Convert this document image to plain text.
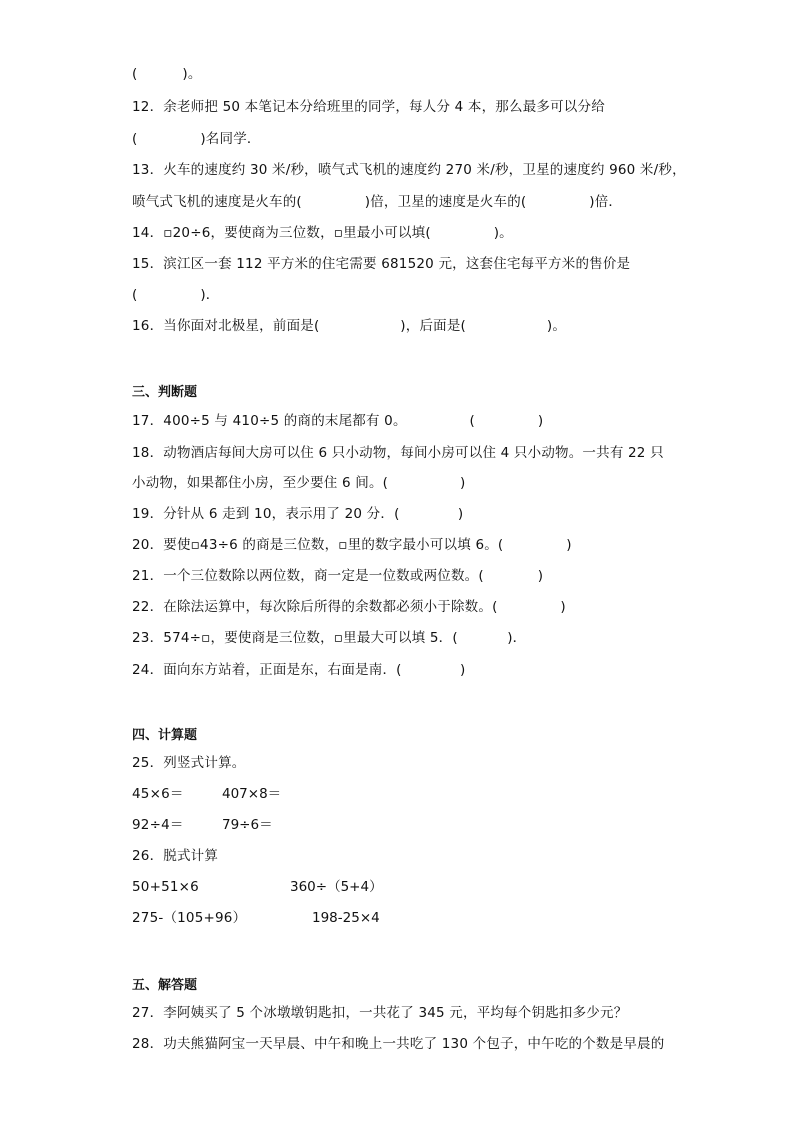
(          )。
12．余老师把 50 本笔记本分给班里的同学，每人分 4 本，那么最多可以分给
(              )名同学．
13．火车的速度约 30 米/秒，喷气式飞机的速度约 270 米/秒，卫星的速度约 960 米/秒，
喷气式飞机的速度是火车的(              )倍，卫星的速度是火车的(              )倍．
14．▫20÷6，要使商为三位数，▫里最小可以填(              )。
15．滨江区一套 112 平方米的住宅需要 681520 元，这套住宅每平方米的售价是
(              )．
16．当你面对北极星，前面是(                  )，后面是(                  )。
三、判断题
17．400÷5 与 410÷5 的商的末尾都有 0。              (              )
18．动物酒店每间大房可以住 6 只小动物，每间小房可以住 4 只小动物。一共有 22 只
小动物，如果都住小房，至少要住 6 间。(                )
19．分针从 6 走到 10，表示用了 20 分．(             )
20．要使▫43÷6 的商是三位数，▫里的数字最小可以填 6。(              )
21．一个三位数除以两位数，商一定是一位数或两位数。(            )
22．在除法运算中，每次除后所得的余数都必须小于除数。(              )
23．574÷▫，要使商是三位数，▫里最大可以填 5．(           )．
24．面向东方站着，正面是东，右面是南．(             )
四、计算题
25．列竖式计算。
45×6＝	407×8＝
92÷4＝	79÷6＝
26．脱式计算
50+51×6	360÷（5+4）
275-（105+96）	198-25×4
五、解答题
27．李阿姨买了 5 个冰墩墩钥匙扣，一共花了 345 元，平均每个钥匙扣多少元？
28．功夫熊猫阿宝一天早晨、中午和晚上一共吃了 130 个包子，中午吃的个数是早晨的
